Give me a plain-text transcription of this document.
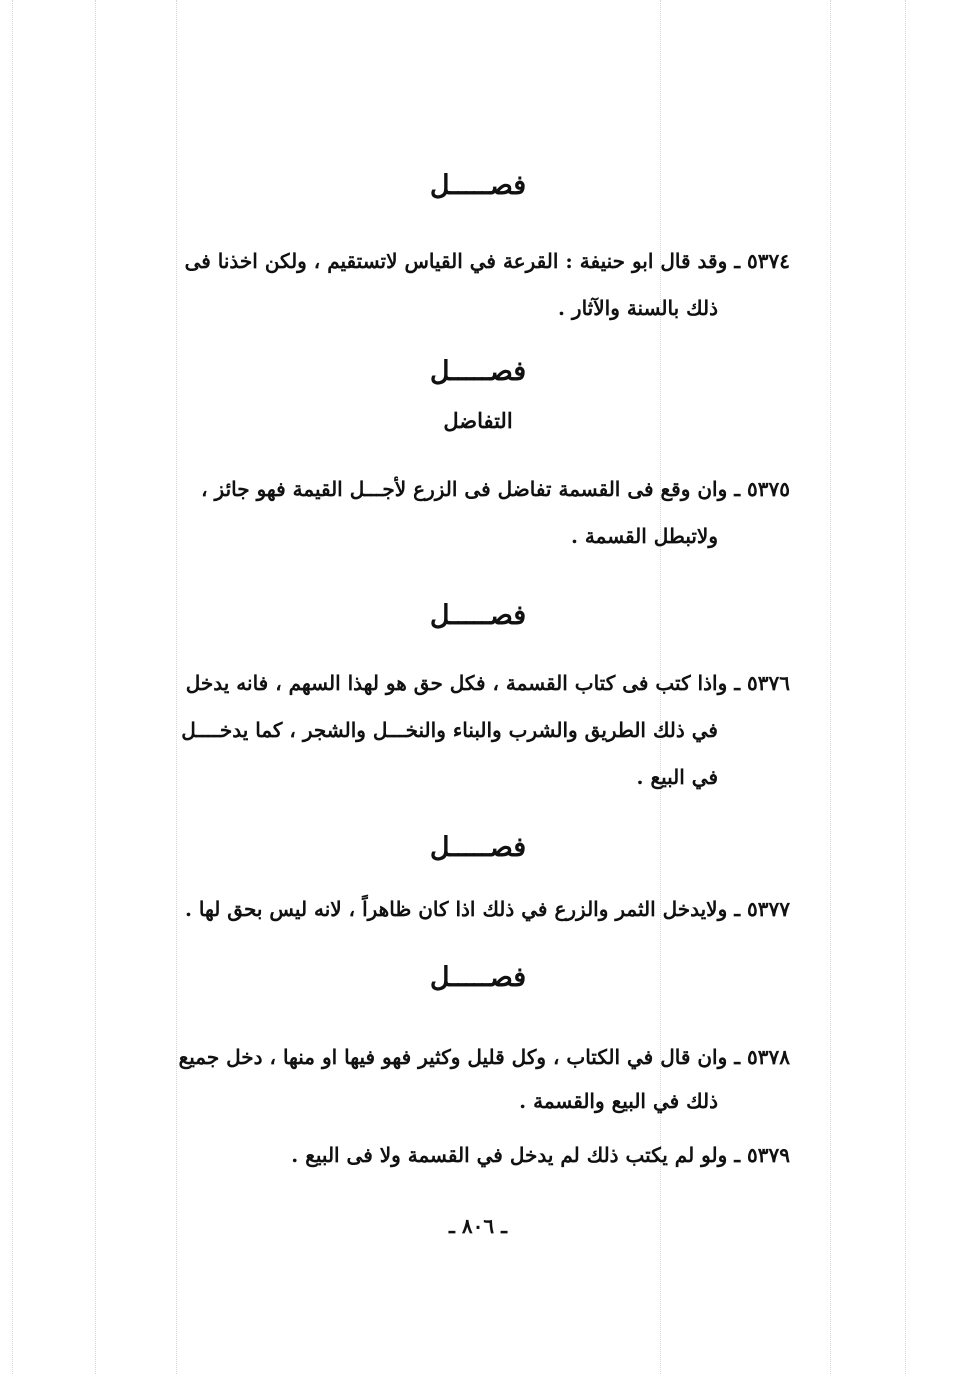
فصـــــل
٥٣٧٤ ـ وقد قال ابو حنيفة : القرعة في القياس لاتستقيم ، ولكن اخذنا فى
ذلك بالسنة والآثار .
فصـــــل
التفاضل
٥٣٧٥ ـ وان وقع فى القسمة تفاضل فى الزرع لأجـــل القيمة فهو جائز ،
ولاتبطل القسمة .
فصـــــل
٥٣٧٦ ـ واذا كتب فى كتاب القسمة ، فكل حق هو لهذا السهم ، فانه يدخل
في ذلك الطريق والشرب والبناء والنخـــل والشجر ، كما يدخــــل
في البيع .
فصـــــل
٥٣٧٧ ـ ولايدخل الثمر والزرع في ذلك اذا كان ظاهراً ، لانه ليس بحق لها .
فصـــــل
٥٣٧٨ ـ وان قال في الكتاب ، وكل قليل وكثير فهو فيها او منها ، دخل جميع
ذلك في البيع والقسمة .
٥٣٧٩ ـ ولو لم يكتب ذلك لم يدخل في القسمة ولا فى البيع .
ـ ٨٠٦ ـ
